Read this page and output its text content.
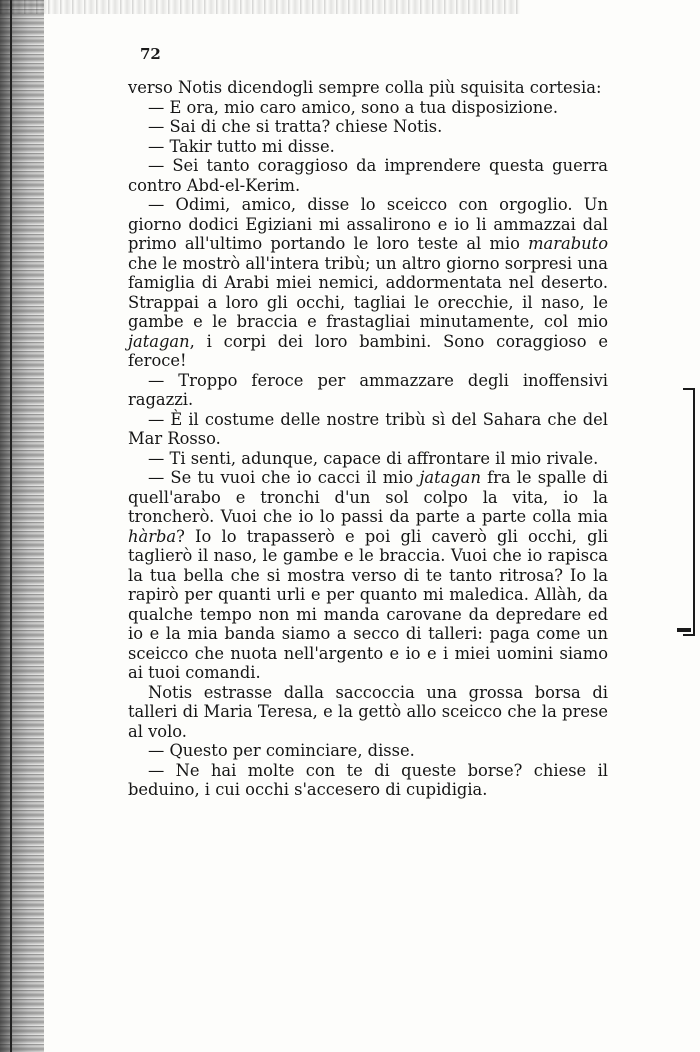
72

verso Notis dicendogli sempre colla più squisita cortesia:

— E ora, mio caro amico, sono a tua disposizione.

— Sai di che si tratta? chiese Notis.

— Takir tutto mi disse.

— Sei tanto coraggioso da imprendere questa guerra contro Abd-el-Kerim.

— Odimi, amico, disse lo sceicco con orgoglio. Un giorno dodici Egiziani mi assalirono e io li ammazzai dal primo all'ultimo portando le loro teste al mio marabuto che le mostrò all'intera tribù; un altro giorno sorpresi una famiglia di Arabi miei nemici, addormentata nel deserto. Strappai a loro gli occhi, tagliai le orecchie, il naso, le gambe e le braccia e frastagliai minutamente, col mio jatagan, i corpi dei loro bambini. Sono coraggioso e feroce!

— Troppo feroce per ammazzare degli inoffensivi ragazzi.

— È il costume delle nostre tribù sì del Sahara che del Mar Rosso.

— Ti senti, adunque, capace di affrontare il mio rivale.

— Se tu vuoi che io cacci il mio jatagan fra le spalle di quell'arabo e tronchi d'un sol colpo la vita, io la troncherò. Vuoi che io lo passi da parte a parte colla mia hàrba? Io lo trapasserò e poi gli caverò gli occhi, gli taglierò il naso, le gambe e le braccia. Vuoi che io rapisca la tua bella che si mostra verso di te tanto ritrosa? Io la rapirò per quanti urli e per quanto mi maledica. Allàh, da qualche tempo non mi manda carovane da depredare ed io e la mia banda siamo a secco di talleri: paga come un sceicco che nuota nell'argento e io e i miei uomini siamo ai tuoi comandi.

Notis estrasse dalla saccoccia una grossa borsa di talleri di Maria Teresa, e la gettò allo sceicco che la prese al volo.

— Questo per cominciare, disse.

— Ne hai molte con te di queste borse? chiese il beduino, i cui occhi s'accesero di cupidigia.
